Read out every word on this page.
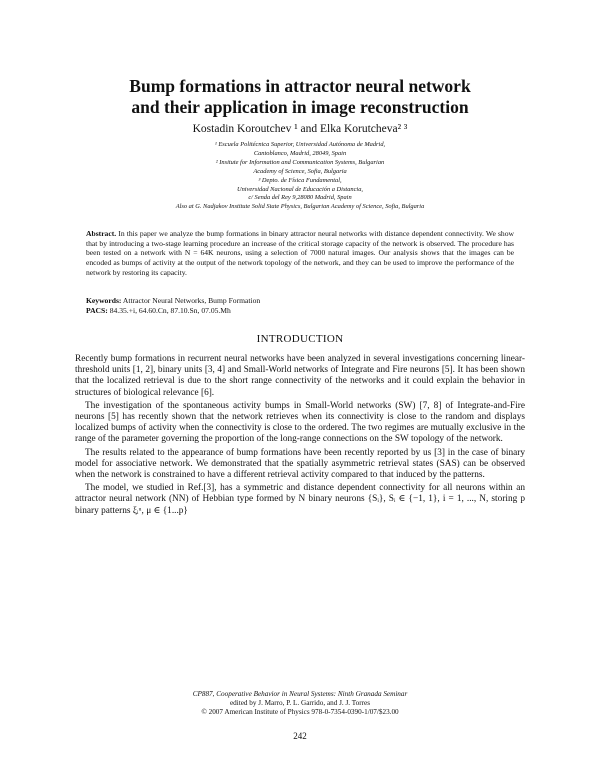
Bump formations in attractor neural network
and their application in image reconstruction
Kostadin Koroutchev ¹ and Elka Korutcheva² ³
¹ Escuela Politécnica Superior, Universidad Autónoma de Madrid,
Cantoblanco, Madrid, 28049, Spain
² Insitute for Information and Communication Systems, Bulgarian
Academy of Science, Sofia, Bulgaria
³ Depto. de Física Fundamental,
Universidad Nacional de Educación a Distancia,
c/ Senda del Rey 9,28080 Madrid, Spain
Also at G. Nadjakov Institute Solid State Physics, Bulgarian Academy of Science, Sofia, Bulgaria
Abstract. In this paper we analyze the bump formations in binary attractor neural networks with distance dependent connectivity. We show that by introducing a two-stage learning procedure an increase of the critical storage capacity of the network is observed. The procedure has been tested on a network with N = 64K neurons, using a selection of 7000 natural images. Our analysis shows that the images can be encoded as bumps of activity at the output of the network topology of the network, and they can be used to improve the performance of the network by restoring its capacity.
Keywords: Attractor Neural Networks, Bump Formation
PACS: 84.35.+i, 64.60.Cn, 87.10.Sn, 07.05.Mh
INTRODUCTION

Recently bump formations in recurrent neural networks have been analyzed in several investigations concerning linear-threshold units [1, 2], binary units [3, 4] and Small-World networks of Integrate and Fire neurons [5]. It has been shown that the localized retrieval is due to the short range connectivity of the networks and it could explain the behavior in structures of biological relevance [6].

The investigation of the spontaneous activity bumps in Small-World networks (SW) [7, 8] of Integrate-and-Fire neurons [5] has recently shown that the network retrieves when its connectivity is close to the random and displays localized bumps of activity when the connectivity is close to the ordered. The two regimes are mutually exclusive in the range of the parameter governing the proportion of the long-range connections on the SW topology of the network.

The results related to the appearance of bump formations have been recently reported by us [3] in the case of binary model for associative network. We demonstrated that the spatially asymmetric retrieval states (SAS) can be observed when the network is constrained to have a different retrieval activity compared to that induced by the patterns.

The model, we studied in Ref.[3], has a symmetric and distance dependent connectivity for all neurons within an attractor neural network (NN) of Hebbian type formed by N binary neurons {Sᵢ}, Sᵢ ∈ {−1, 1}, i = 1, ..., N, storing p binary patterns ξᵢᵘ, μ ∈ {1...p}

CP887, Cooperative Behavior in Neural Systems: Ninth Granada Seminar
edited by J. Marro, P. L. Garrido, and J. J. Torres
© 2007 American Institute of Physics 978-0-7354-0390-1/07/$23.00
242
